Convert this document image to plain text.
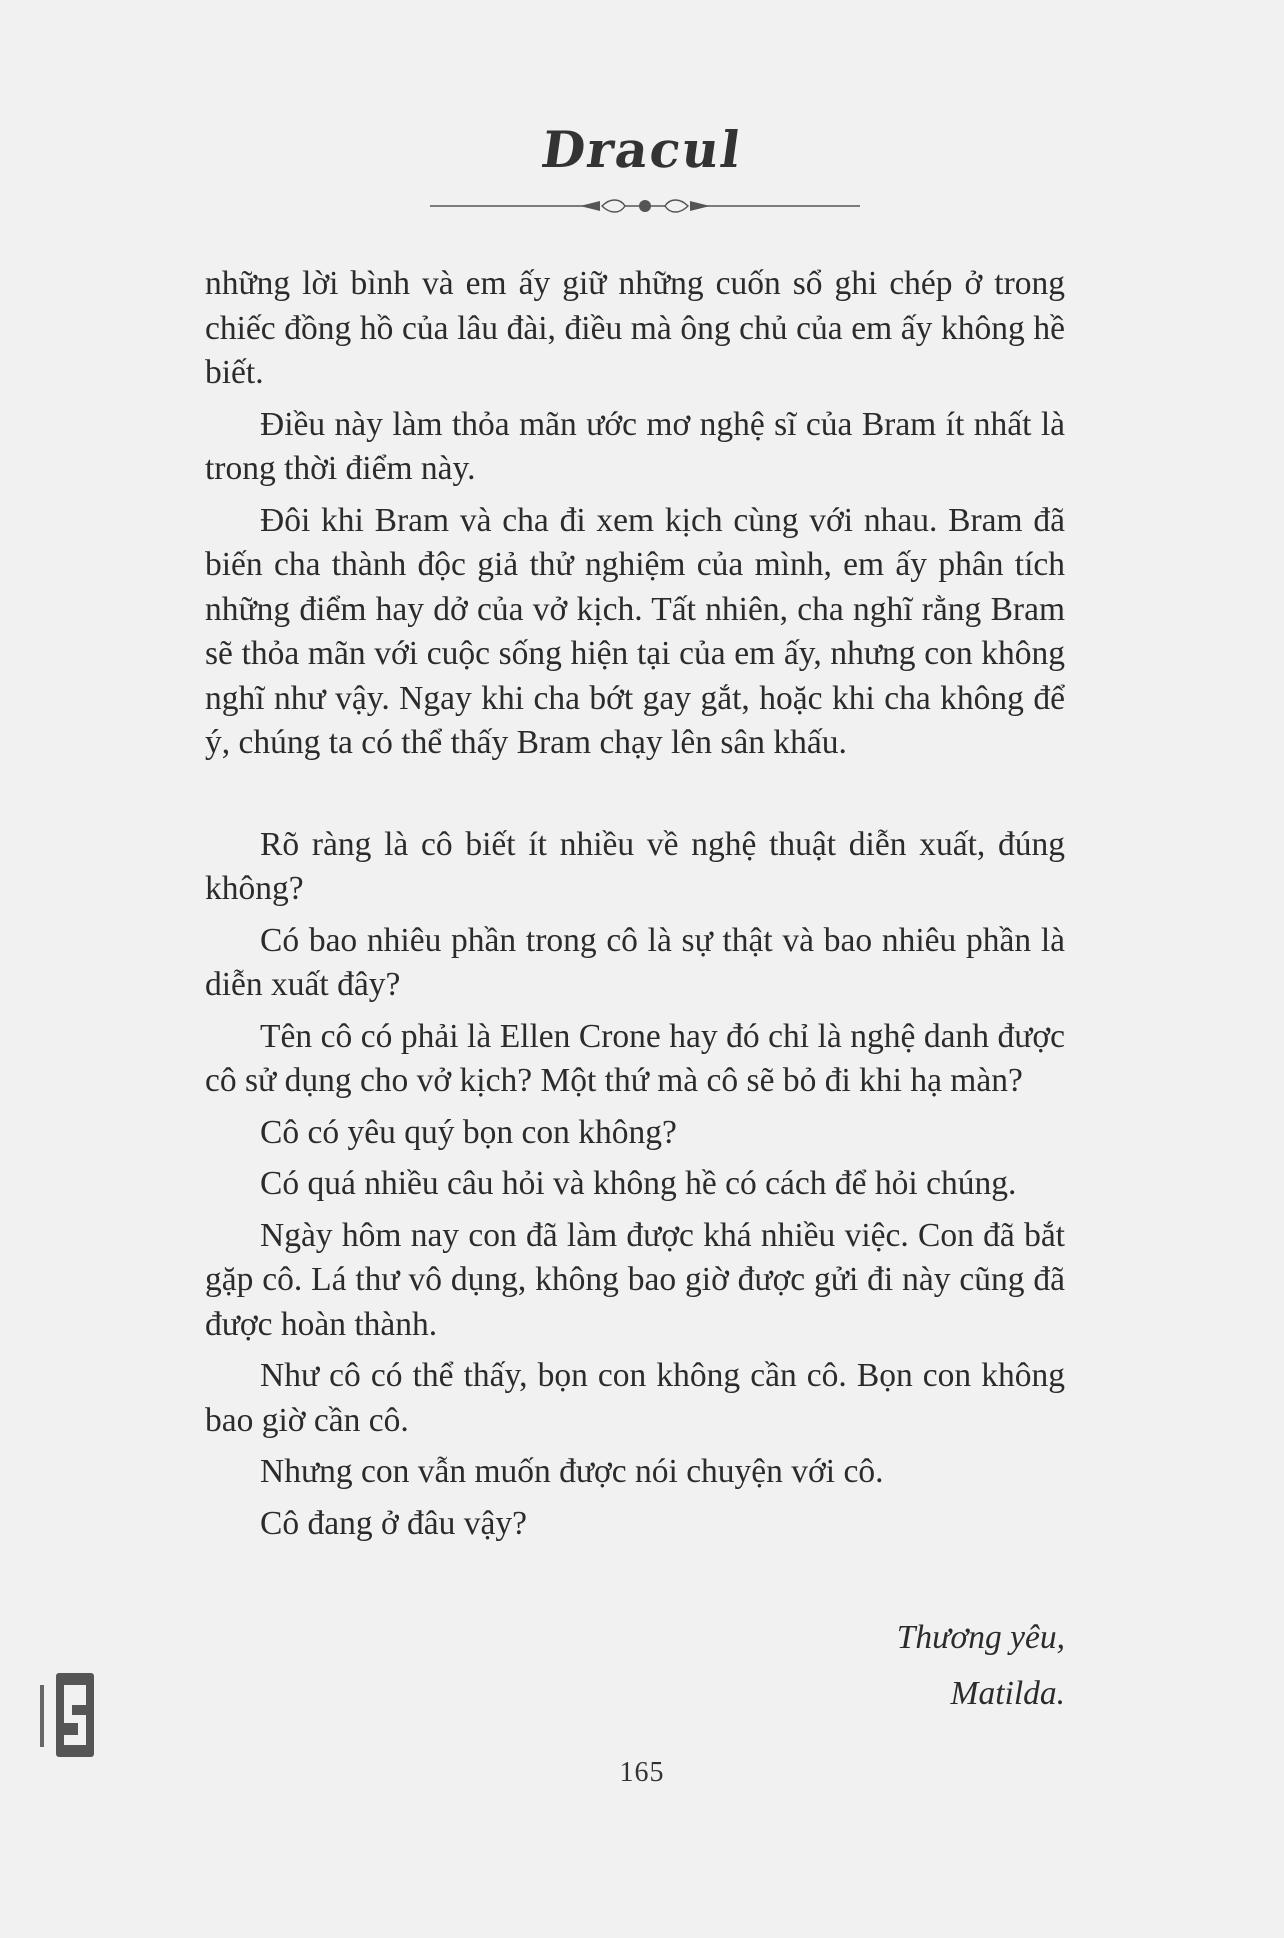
Dracul

những lời bình và em ấy giữ những cuốn sổ ghi chép ở trong chiếc đồng hồ của lâu đài, điều mà ông chủ của em ấy không hề biết.

Điều này làm thỏa mãn ước mơ nghệ sĩ của Bram ít nhất là trong thời điểm này.

Đôi khi Bram và cha đi xem kịch cùng với nhau. Bram đã biến cha thành độc giả thử nghiệm của mình, em ấy phân tích những điểm hay dở của vở kịch. Tất nhiên, cha nghĩ rằng Bram sẽ thỏa mãn với cuộc sống hiện tại của em ấy, nhưng con không nghĩ như vậy. Ngay khi cha bớt gay gắt, hoặc khi cha không để ý, chúng ta có thể thấy Bram chạy lên sân khấu.

Rõ ràng là cô biết ít nhiều về nghệ thuật diễn xuất, đúng không?

Có bao nhiêu phần trong cô là sự thật và bao nhiêu phần là diễn xuất đây?

Tên cô có phải là Ellen Crone hay đó chỉ là nghệ danh được cô sử dụng cho vở kịch? Một thứ mà cô sẽ bỏ đi khi hạ màn?

Cô có yêu quý bọn con không?

Có quá nhiều câu hỏi và không hề có cách để hỏi chúng.

Ngày hôm nay con đã làm được khá nhiều việc. Con đã bắt gặp cô. Lá thư vô dụng, không bao giờ được gửi đi này cũng đã được hoàn thành.

Như cô có thể thấy, bọn con không cần cô. Bọn con không bao giờ cần cô.

Nhưng con vẫn muốn được nói chuyện với cô.

Cô đang ở đâu vậy?

Thương yêu,
Matilda.
165
